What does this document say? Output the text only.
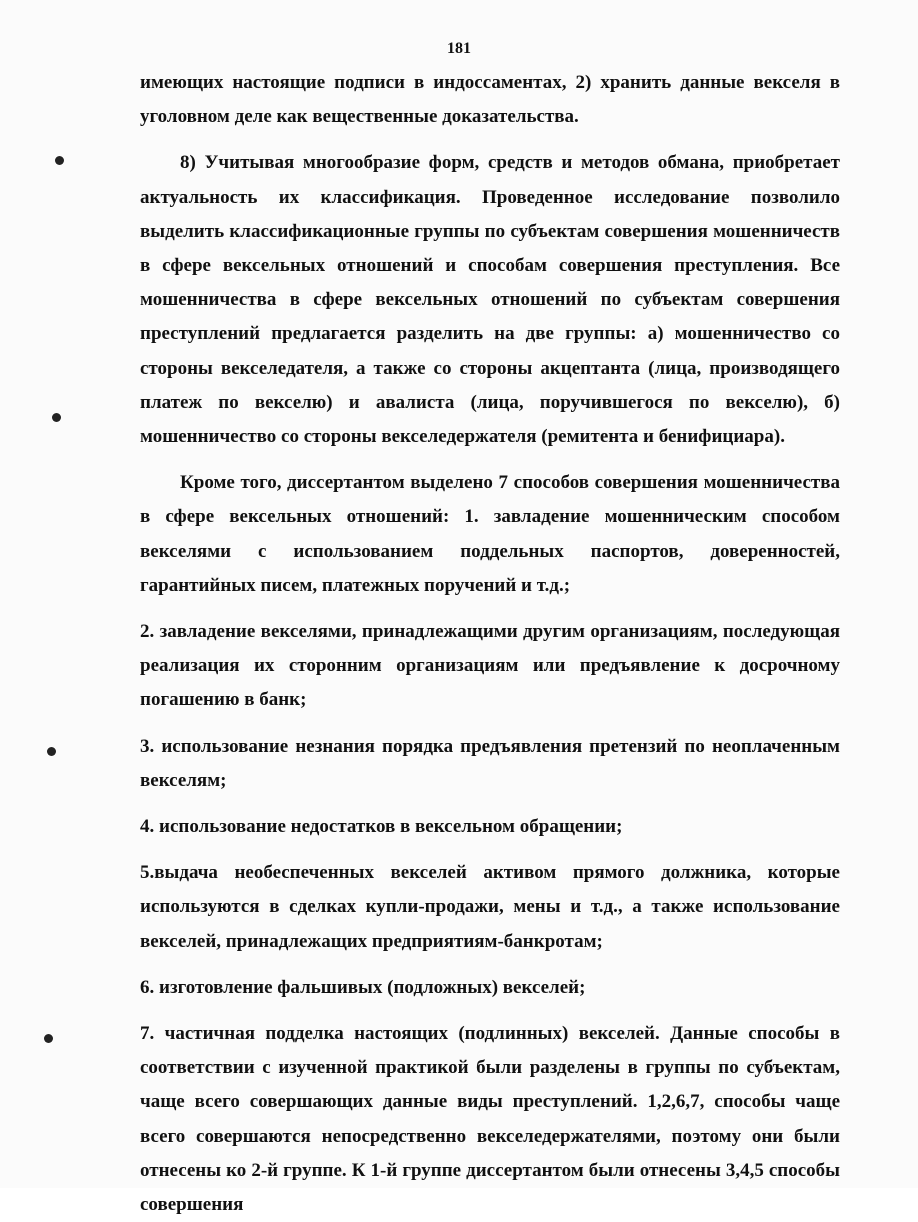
181

имеющих настоящие подписи в индоссаментах, 2) хранить данные векселя в уголовном деле как вещественные доказательства.

8) Учитывая многообразие форм, средств и методов обмана, приобретает актуальность их классификация. Проведенное исследование позволило выделить классификационные группы по субъектам совершения мошенничеств в сфере вексельных отношений и способам совершения преступления. Все мошенничества в сфере вексельных отношений по субъектам совершения преступлений предлагается разделить на две группы: а) мошенничество со стороны векселедателя, а также со стороны акцептанта (лица, производящего платеж по векселю) и авалиста (лица, поручившегося по векселю), б) мошенничество со стороны векселедержателя (ремитента и бенифициара).

Кроме того, диссертантом выделено 7 способов совершения мошенничества в сфере вексельных отношений: 1. завладение мошенническим способом векселями с использованием поддельных паспортов, доверенностей, гарантийных писем, платежных поручений и т.д.;

2. завладение векселями, принадлежащими другим организациям, последующая реализация их сторонним организациям или предъявление к досрочному погашению в банк;

3. использование незнания порядка предъявления претензий по неоплаченным векселям;

4. использование недостатков в вексельном обращении;

5.выдача необеспеченных векселей активом прямого должника, которые используются в сделках купли-продажи, мены и т.д., а также использование векселей, принадлежащих предприятиям-банкротам;

6. изготовление фальшивых (подложных) векселей;

7. частичная подделка настоящих (подлинных) векселей. Данные способы в соответствии с изученной практикой были разделены в группы по субъектам, чаще всего совершающих данные виды преступлений. 1,2,6,7, способы чаще всего совершаются непосредственно векселедержателями, поэтому они были отнесены ко 2-й группе. К 1-й группе диссертантом были отнесены 3,4,5 способы совершения
